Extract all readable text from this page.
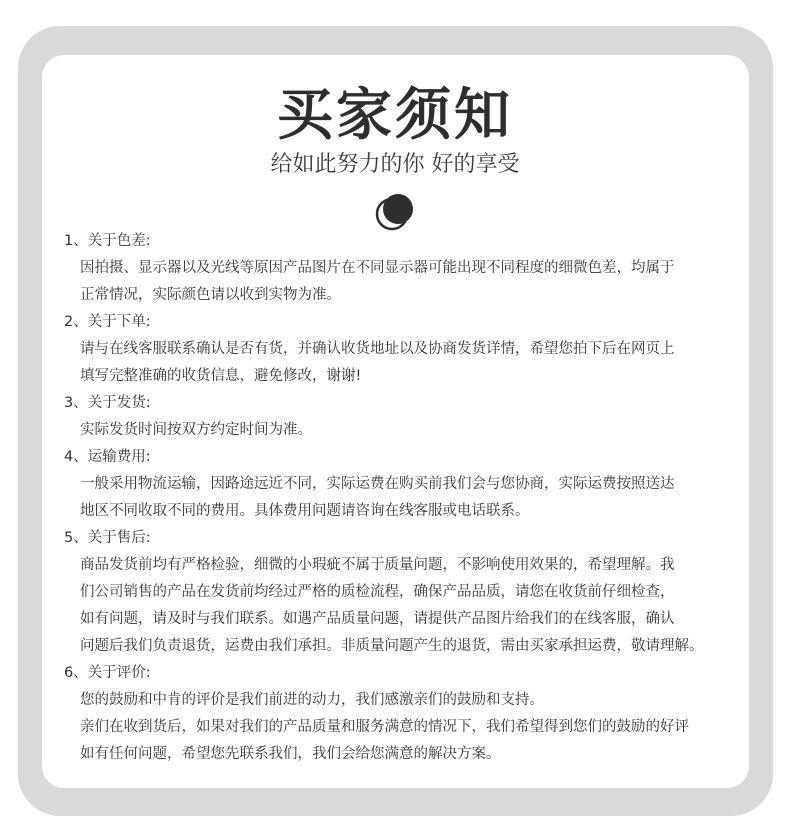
买家须知
给如此努力的你 好的享受

1、关于色差:

因拍摄、显示器以及光线等原因产品图片在不同显示器可能出现不同程度的细微色差，均属于

正常情况，实际颜色请以收到实物为准。

2、关于下单:

请与在线客服联系确认是否有货，并确认收货地址以及协商发货详情，希望您拍下后在网页上

填写完整准确的收货信息，避免修改，谢谢!

3、关于发货:

实际发货时间按双方约定时间为准。

4、运输费用:

一般采用物流运输，因路途远近不同，实际运费在购买前我们会与您协商，实际运费按照送达

地区不同收取不同的费用。具体费用问题请咨询在线客服或电话联系。

5、关于售后:

商品发货前均有严格检验，细微的小瑕疵不属于质量问题，不影响使用效果的，希望理解。我

们公司销售的产品在发货前均经过严格的质检流程，确保产品品质，请您在收货前仔细检查，

如有问题，请及时与我们联系。如遇产品质量问题，请提供产品图片给我们的在线客服，确认

问题后我们负责退货，运费由我们承担。非质量问题产生的退货，需由买家承担运费，敬请理解。

6、关于评价:

您的鼓励和中肯的评价是我们前进的动力，我们感激亲们的鼓励和支持。

亲们在收到货后，如果对我们的产品质量和服务满意的情况下，我们希望得到您们的鼓励的好评

如有任何问题，希望您先联系我们，我们会给您满意的解决方案。
